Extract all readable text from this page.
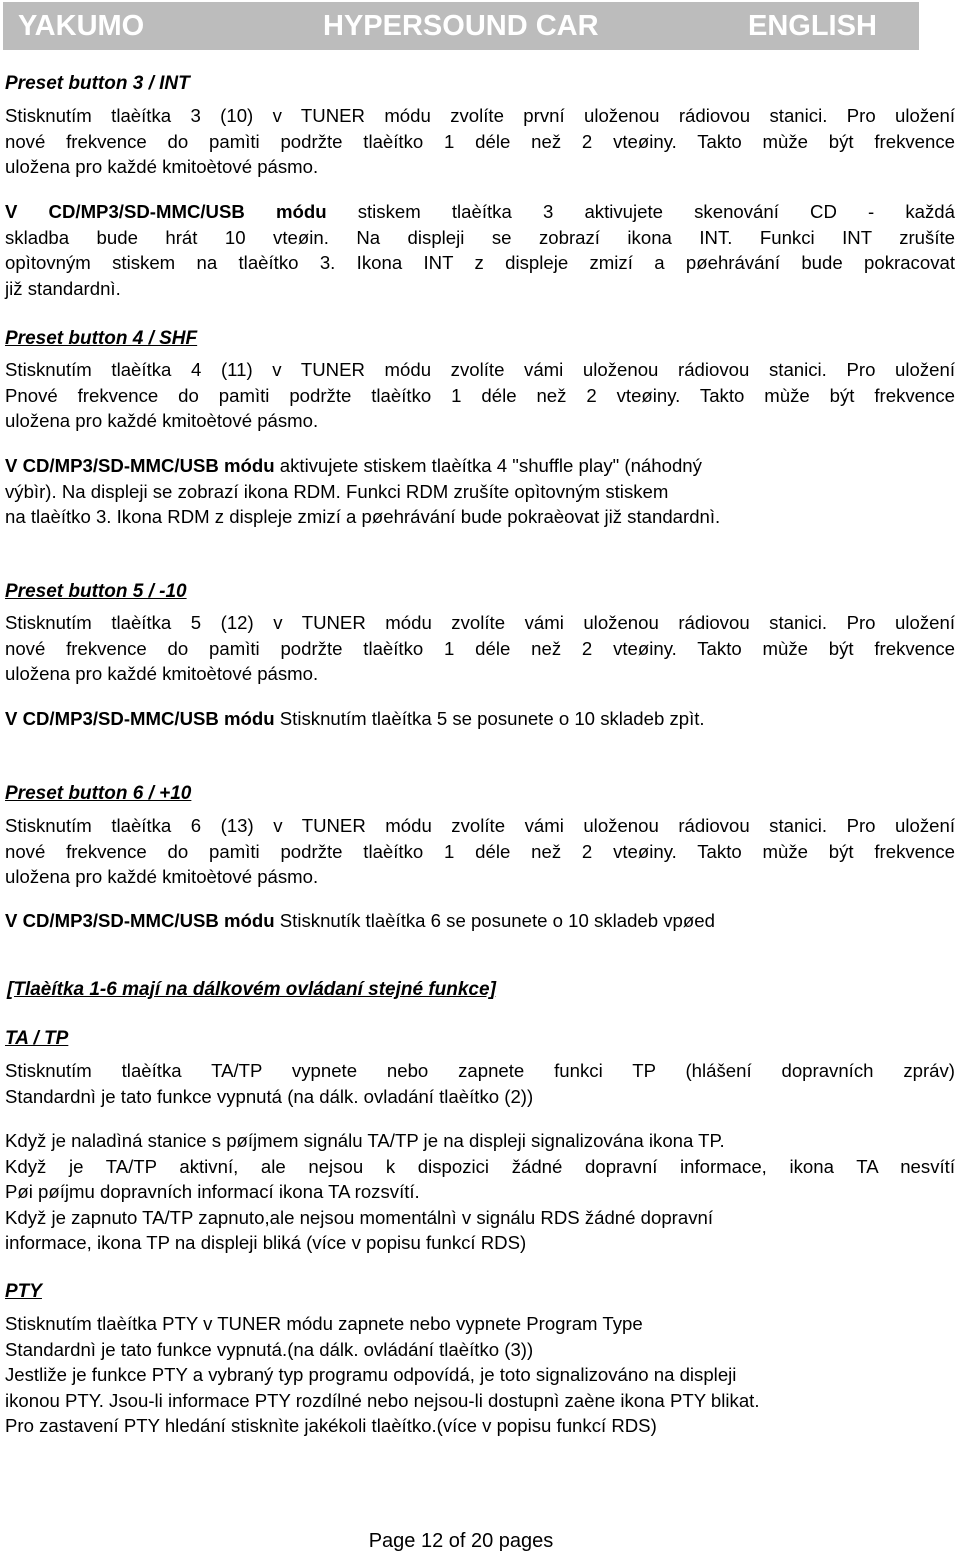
YAKUMO	HYPERSOUND CAR	ENGLISH
Preset button 3 / INT
Stisknutím tlaèítka 3 (10) v TUNER módu zvolíte první uloženou rádiovou stanici. Pro uložení
nové frekvence do pamìti podržte tlaèítko 1 déle než 2 vteøiny. Takto mùže být frekvence
uložena pro každé kmitoètové pásmo.
V CD/MP3/SD-MMC/USB módu stiskem tlaèítka 3 aktivujete skenování CD - každá
skladba bude hrát 10 vteøin. Na displeji se zobrazí ikona INT. Funkci INT zrušíte
opìtovným stiskem na tlaèítko 3. Ikona INT z displeje zmizí a pøehrávání bude pokracovat
již standardnì.
Preset button 4 / SHF
Stisknutím tlaèítka 4 (11) v TUNER módu zvolíte vámi uloženou rádiovou stanici. Pro uložení
Pnové frekvence do pamìti podržte tlaèítko 1 déle než 2 vteøiny. Takto mùže být frekvence
uložena pro každé kmitoètové pásmo.
V CD/MP3/SD-MMC/USB módu aktivujete stiskem tlaèítka 4 "shuffle play" (náhodný
výbìr). Na displeji se zobrazí ikona RDM. Funkci RDM zrušíte opìtovným stiskem
na tlaèítko 3. Ikona RDM z displeje zmizí a pøehrávání bude pokraèovat již standardnì.
Preset button 5 / -10
Stisknutím tlaèítka 5 (12) v TUNER módu zvolíte vámi uloženou rádiovou stanici. Pro uložení
nové frekvence do pamìti podržte tlaèítko 1 déle než 2 vteøiny. Takto mùže být frekvence
uložena pro každé kmitoètové pásmo.
V CD/MP3/SD-MMC/USB módu Stisknutím tlaèítka 5 se posunete o 10 skladeb zpìt.
Preset button 6 / +10
Stisknutím tlaèítka 6 (13) v TUNER módu zvolíte vámi uloženou rádiovou stanici. Pro uložení
nové frekvence do pamìti podržte tlaèítko 1 déle než 2 vteøiny. Takto mùže být frekvence
uložena pro každé kmitoètové pásmo.
V CD/MP3/SD-MMC/USB módu Stisknutík tlaèítka 6 se posunete o 10 skladeb vpøed
[Tlaèítka 1-6 mají na dálkovém ovládaní stejné funkce]
TA / TP
Stisknutím tlaèítka TA/TP vypnete nebo zapnete funkci TP (hlášení dopravních zpráv)
Standardnì je tato funkce vypnutá (na dálk. ovladání tlaèítko (2))
Když je naladìná stanice s pøíjmem signálu TA/TP je na displeji signalizována ikona TP.
Když je TA/TP aktivní, ale nejsou k dispozici žádné dopravní informace, ikona TA nesvítí
Pøi pøíjmu dopravních informací ikona TA rozsvítí.
Když je zapnuto TA/TP zapnuto,ale nejsou momentálnì v signálu RDS žádné dopravní
informace, ikona TP na displeji bliká (více v popisu funkcí RDS)
PTY
Stisknutím tlaèítka PTY v TUNER módu zapnete nebo vypnete Program Type
Standardnì je tato funkce vypnutá.(na dálk. ovládání tlaèítko (3))
Jestliže je funkce PTY a vybraný typ programu odpovídá, je toto signalizováno na displeji
ikonou PTY. Jsou-li informace PTY rozdílné nebo nejsou-li dostupnì zaène ikona PTY blikat.
Pro zastavení PTY hledání stisknìte jakékoli tlaèítko.(více v popisu funkcí RDS)
Page 12 of 20 pages
